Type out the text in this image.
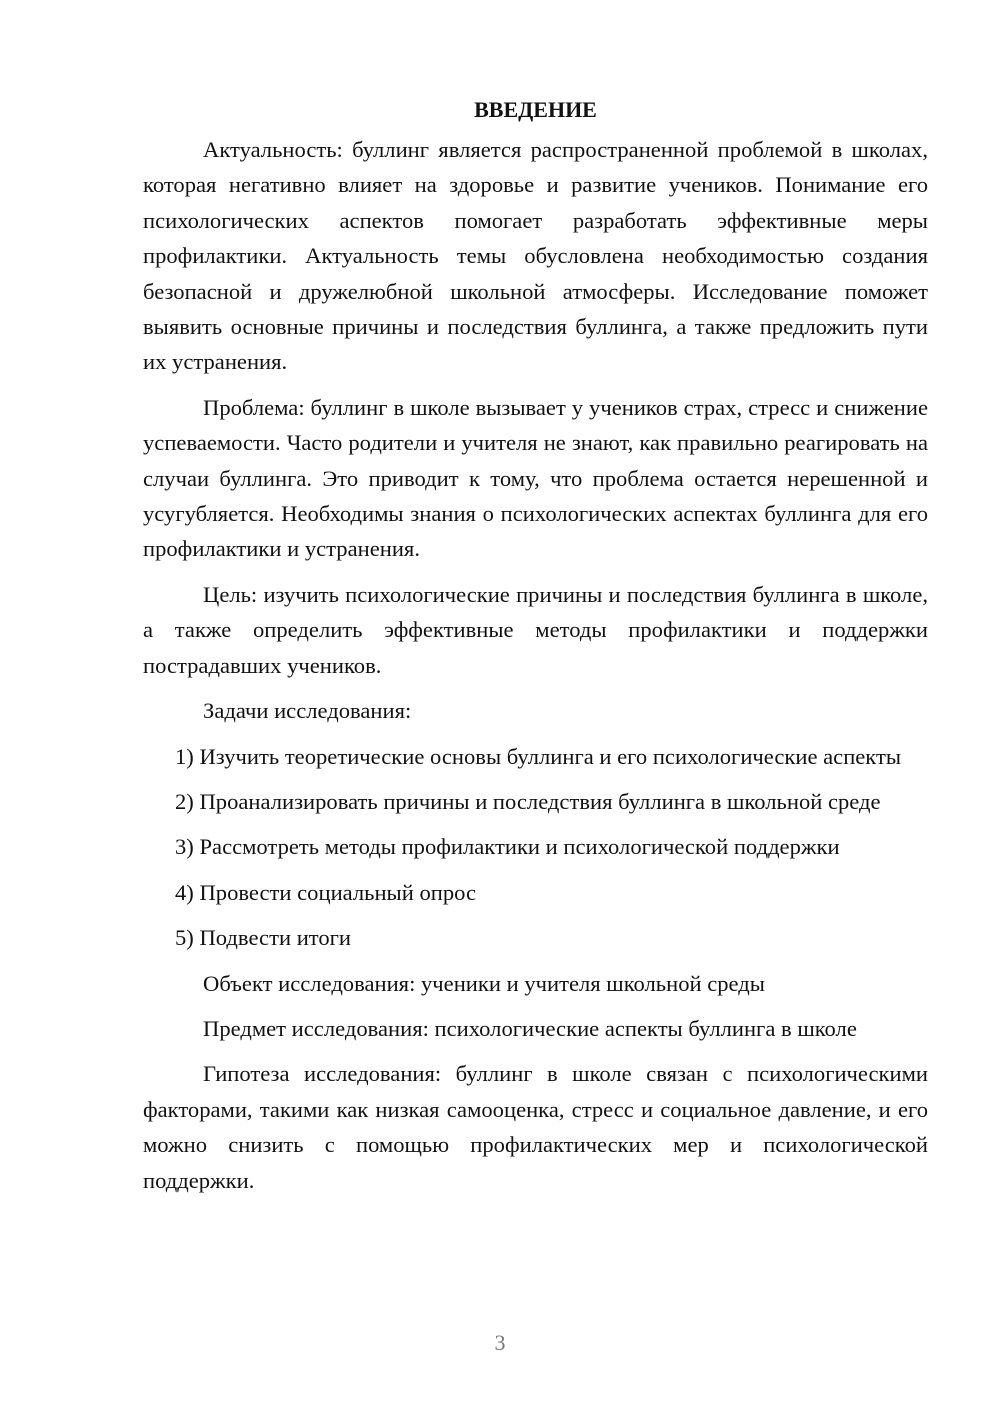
ВВЕДЕНИЕ

Актуальность: буллинг является распространенной проблемой в школах, которая негативно влияет на здоровье и развитие учеников. Понимание его психологических аспектов помогает разработать эффективные меры профилактики. Актуальность темы обусловлена необходимостью создания безопасной и дружелюбной школьной атмосферы. Исследование поможет выявить основные причины и последствия буллинга, а также предложить пути их устранения.

Проблема: буллинг в школе вызывает у учеников страх, стресс и снижение успеваемости. Часто родители и учителя не знают, как правильно реагировать на случаи буллинга. Это приводит к тому, что проблема остается нерешенной и усугубляется. Необходимы знания о психологических аспектах буллинга для его профилактики и устранения.

Цель: изучить психологические причины и последствия буллинга в школе, а также определить эффективные методы профилактики и поддержки пострадавших учеников.

Задачи исследования:

1) Изучить теоретические основы буллинга и его психологические аспекты

2) Проанализировать причины и последствия буллинга в школьной среде

3) Рассмотреть методы профилактики и психологической поддержки

4) Провести социальный опрос

5) Подвести итоги

Объект исследования: ученики и учителя школьной среды

Предмет исследования: психологические аспекты буллинга в школе

Гипотеза исследования: буллинг в школе связан с психологическими факторами, такими как низкая самооценка, стресс и социальное давление, и его можно снизить с помощью профилактических мер и психологической поддержки.

3
